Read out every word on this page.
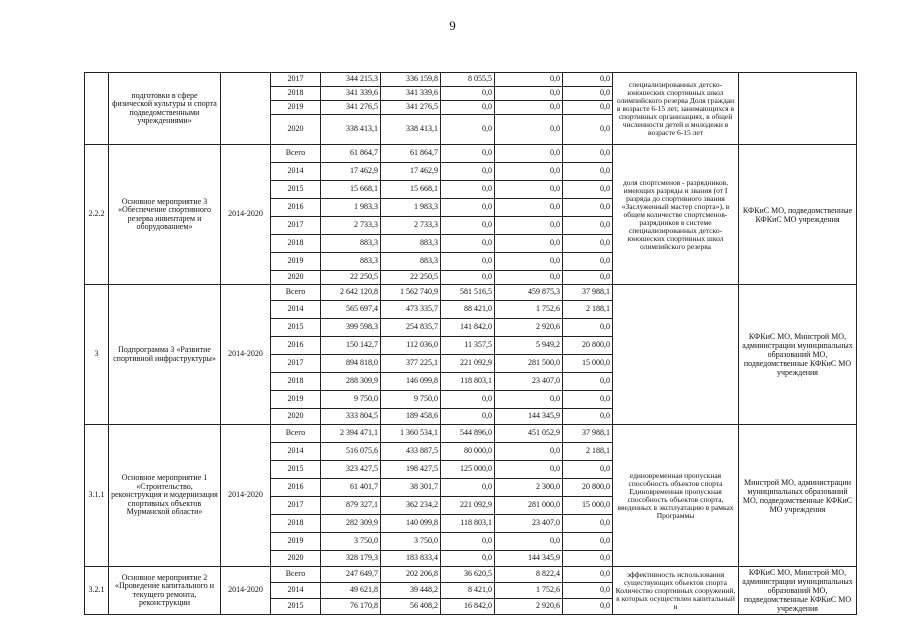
9
	подготовки в сфере физической культуры и спорта подведомственными учреждениями»		2017	344 215,3	336 159,8	8 055,5	0,0	0,0	специализированных детско-юношеских спортивных школ олимпийского резерва Доля граждан в возрасте 6-15 лет, занимающихся в спортивных организациях, в общей численности детей и молодежи в возрасте 6-15 лет	
			2018	341 339,6	341 339,6	0,0	0,0	0,0		
			2019	341 276,5	341 276,5	0,0	0,0	0,0		
			2020	338 413,1	338 413,1	0,0	0,0	0,0		
2.2.2	Основное мероприятие 3 «Обеспечение спортивного резерва инвентарем и оборудованием»	2014-2020	Всего	61 864,7	61 864,7	0,0	0,0	0,0	доля спортсменов - разрядников, имеющих разряды и звания (от I разряда до спортивного звания «Заслуженный мастер спорта»), в общем количестве спортсменов-разрядников в системе специализированных детско-юношеских спортивных школ олимпийского резерва	КФКиС МО, подведомственные КФКиС МО учреждения
			2014	17 462,9	17 462,9	0,0	0,0	0,0		
			2015	15 668,1	15 668,1	0,0	0,0	0,0		
			2016	1 983,3	1 983,3	0,0	0,0	0,0		
			2017	2 733,3	2 733,3	0,0	0,0	0,0		
			2018	883,3	883,3	0,0	0,0	0,0		
			2019	883,3	883,3	0,0	0,0	0,0		
			2020	22 250,5	22 250,5	0,0	0,0	0,0		
3	Подпрограмма 3 «Развитие спортивной инфраструктуры»	2014-2020	Всего	2 642 120,8	1 562 740,9	581 516,5	459 875,3	37 988,1		КФКиС МО, Минстрой МО, администрации муниципальных образований МО, подведомственные КФКиС МО учреждения
			2014	565 697,4	473 335,7	88 421,0	1 752,6	2 188,1		
			2015	399 598,3	254 835,7	141 842,0	2 920,6	0,0		
			2016	150 142,7	112 036,0	11 357,5	5 949,2	20 800,0		
			2017	894 818,0	377 225,1	221 092,9	281 500,0	15 000,0		
			2018	288 309,9	146 099,8	118 803,1	23 407,0	0,0		
			2019	9 750,0	9 750,0	0,0	0,0	0,0		
			2020	333 804,5	189 458,6	0,0	144 345,9	0,0		
3.1.1	Основное мероприятие 1 «Строительство, реконструкция и модернизация спортивных объектов Мурманской области»	2014-2020	Всего	2 394 471,1	1 360 534,1	544 896,0	451 052,9	37 988,1	единовременная пропускная способность объектов спорта Единовременная пропускная способность объектов спорта, введенных в эксплуатацию в рамках Программы	Минстрой МО, администрации муниципальных образований МО, подведомственные КФКиС МО учреждения
			2014	516 075,6	433 887,5	80 000,0	0,0	2 188,1		
			2015	323 427,5	198 427,5	125 000,0	0,0	0,0		
			2016	61 401,7	38 301,7	0,0	2 300,0	20 800,0		
			2017	879 327,1	362 234,2	221 092,9	281 000,0	15 000,0		
			2018	282 309,9	140 099,8	118 803,1	23 407,0	0,0		
			2019	3 750,0	3 750,0	0,0	0,0	0,0		
			2020	328 179,3	183 833,4	0,0	144 345,9	0,0		
3.2.1	Основное мероприятие 2 «Проведение капитального и текущего ремонта, реконструкции	2014-2020	Всего	247 649,7	202 206,8	36 620,5	8 822,4	0,0	эффективность использования существующих объектов спорта Количество спортивных сооружений, в которых осуществлен капитальный и	КФКиС МО, Минстрой МО, администрации муниципальных образований МО, подведомственные КФКиС МО учреждения
			2014	49 621,8	39 448,2	8 421,0	1 752,6	0,0		
			2015	76 170,8	56 408,2	16 842,0	2 920,6	0,0		
